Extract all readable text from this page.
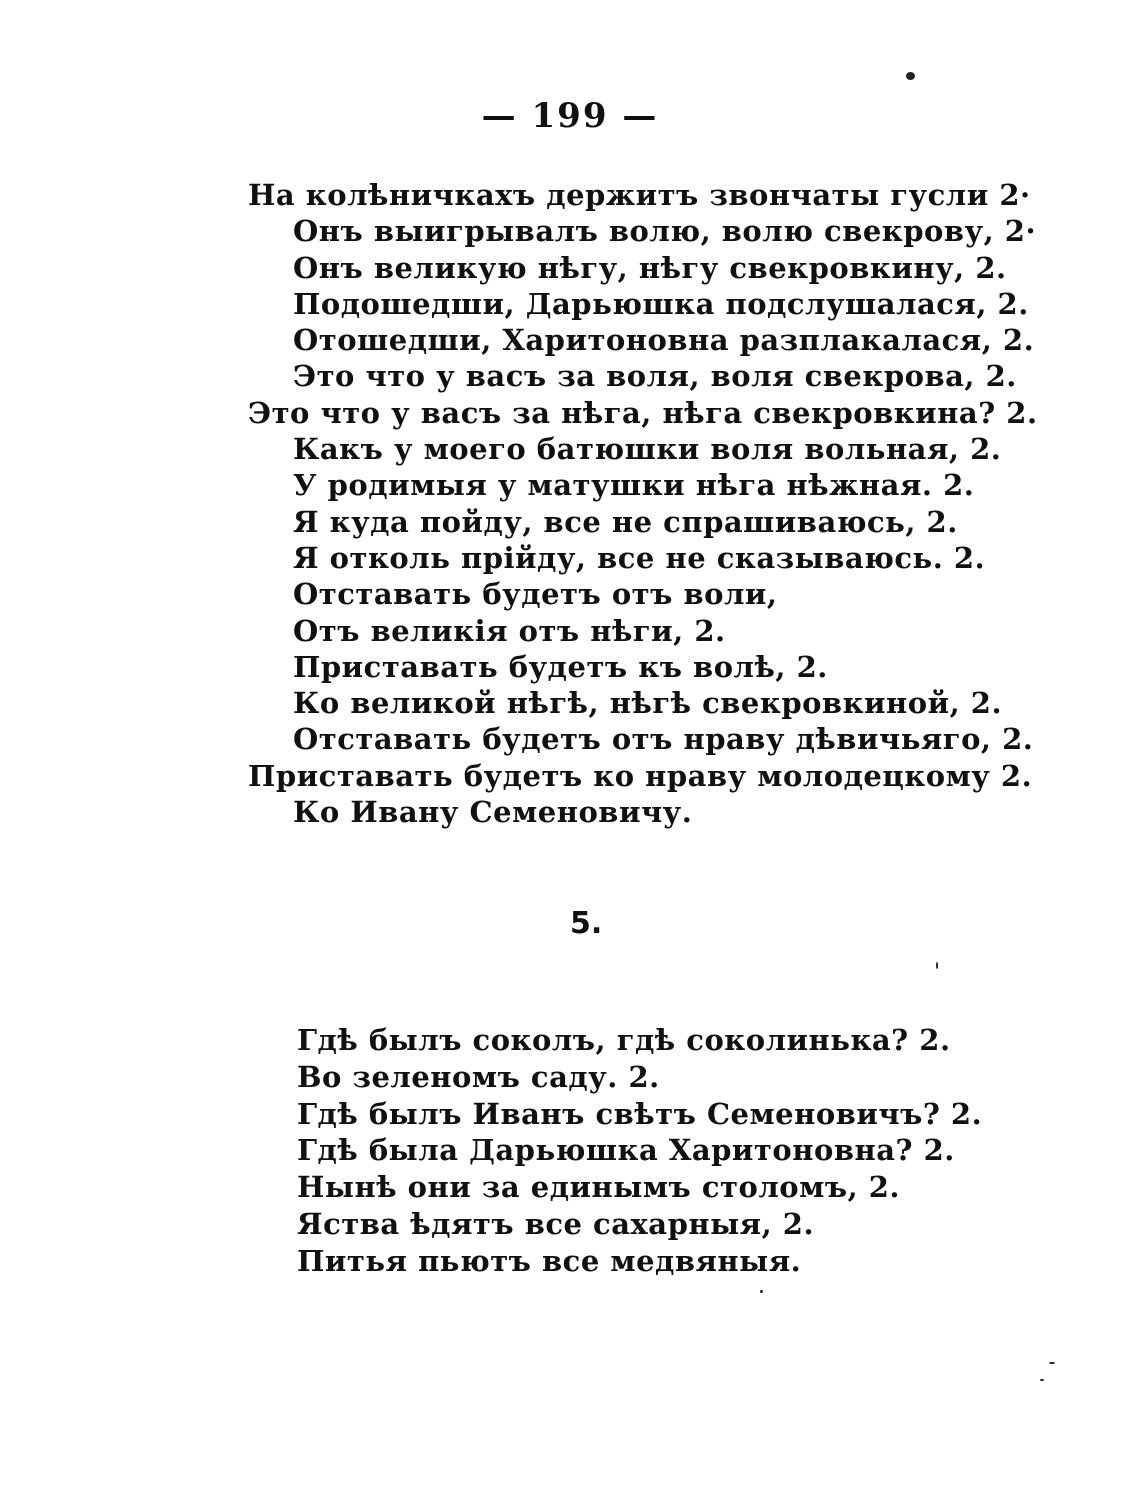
— 199 —
На колѣничкахъ держитъ звончаты гусли 2·
Онъ выигрывалъ волю, волю свекрову, 2·
Онъ великую нѣгу, нѣгу свекровкину, 2.
Подошедши, Дарьюшка подслушалася, 2.
Отошедши, Харитоновна разплакалася, 2.
Это что у васъ за воля, воля свекрова, 2.
Это что у васъ за нѣга, нѣга свекровкина? 2.
Какъ у моего батюшки воля вольная, 2.
У родимыя у матушки нѣга нѣжная. 2.
Я куда пойду, все не спрашиваюсь, 2.
Я отколь прійду, все не сказываюсь. 2.
Отставать будетъ отъ воли,
Отъ великія отъ нѣги, 2.
Приставать будетъ къ волѣ, 2.
Ко великой нѣгѣ, нѣгѣ свекровкиной, 2.
Отставать будетъ отъ нраву дѣвичьяго, 2.
Приставать будетъ ко нраву молодецкому 2.
Ко Ивану Семеновичу.
5.
Гдѣ былъ соколъ, гдѣ соколинька? 2.
Во зеленомъ саду. 2.
Гдѣ былъ Иванъ свѣтъ Семеновичъ? 2.
Гдѣ была Дарьюшка Харитоновна? 2.
Нынѣ они за единымъ столомъ, 2.
Яства ѣдятъ все сахарныя, 2.
Питья пьютъ все медвяныя.
